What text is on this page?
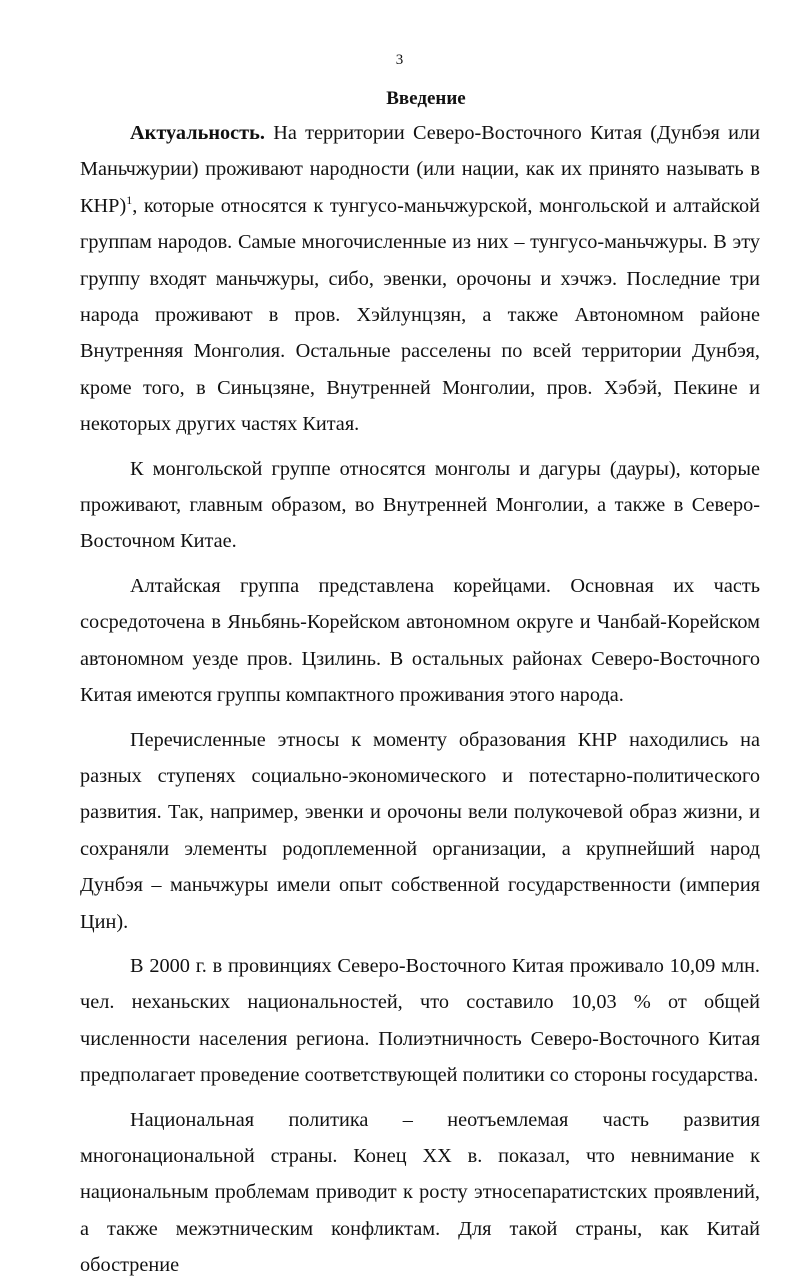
3

Введение

Актуальность. На территории Северо-Восточного Китая (Дунбэя или Маньчжурии) проживают народности (или нации, как их принято называть в КНР)$^1$, которые относятся к тунгусо-маньчжурской, монгольской и алтайской группам народов. Самые многочисленные из них – тунгусо-маньчжуры. В эту группу входят маньчжуры, сибо, эвенки, орочоны и хэчжэ. Последние три народа проживают в пров. Хэйлунцзян, а также Автономном районе Внутренняя Монголия. Остальные расселены по всей территории Дунбэя, кроме того, в Синьцзяне, Внутренней Монголии, пров. Хэбэй, Пекине и некоторых других частях Китая.

К монгольской группе относятся монголы и дагуры (дауры), которые проживают, главным образом, во Внутренней Монголии, а также в Северо-Восточном Китае.

Алтайская группа представлена корейцами. Основная их часть сосредоточена в Яньбянь-Корейском автономном округе и Чанбай-Корейском автономном уезде пров. Цзилинь. В остальных районах Северо-Восточного Китая имеются группы компактного проживания этого народа.

Перечисленные этносы к моменту образования КНР находились на разных ступенях социально-экономического и потестарно-политического развития. Так, например, эвенки и орочоны вели полукочевой образ жизни, и сохраняли элементы родоплеменной организации, а крупнейший народ Дунбэя – маньчжуры имели опыт собственной государственности (империя Цин).

В 2000 г. в провинциях Северо-Восточного Китая проживало 10,09 млн. чел. неханьских национальностей, что составило 10,03 % от общей численности населения региона. Полиэтничность Северо-Восточного Китая предполагает проведение соответствующей политики со стороны государства.

Национальная политика – неотъемлемая часть развития многонациональной страны. Конец XX в. показал, что невнимание к национальным проблемам приводит к росту этносепаратистских проявлений, а также межэтническим конфликтам. Для такой страны, как Китай обострение
